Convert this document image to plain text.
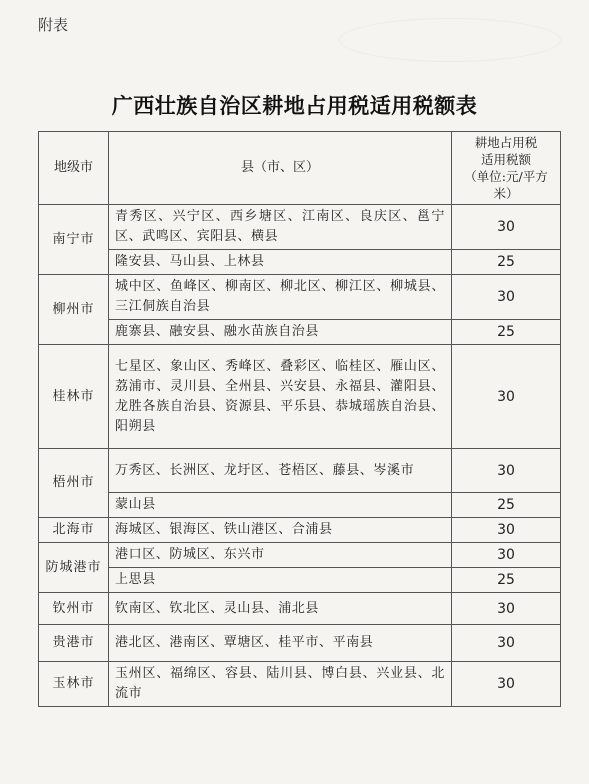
附表
广西壮族自治区耕地占用税适用税额表
地级市	县（市、区）	耕地占用税
适用税额
（单位:元/平方米）

南宁市	青秀区、兴宁区、西乡塘区、江南区、良庆区、邕宁区、武鸣区、宾阳县、横县	30
	隆安县、马山县、上林县	25
柳州市	城中区、鱼峰区、柳南区、柳北区、柳江区、柳城县、三江侗族自治县	30
	鹿寨县、融安县、融水苗族自治县	25
桂林市	七星区、象山区、秀峰区、叠彩区、临桂区、雁山区、荔浦市、灵川县、全州县、兴安县、永福县、灌阳县、龙胜各族自治县、资源县、平乐县、恭城瑶族自治县、阳朔县	30
梧州市	万秀区、长洲区、龙圩区、苍梧区、藤县、岑溪市	30
	蒙山县	25
北海市	海城区、银海区、铁山港区、合浦县	30
防城港市	港口区、防城区、东兴市	30
	上思县	25
钦州市	钦南区、钦北区、灵山县、浦北县	30
贵港市	港北区、港南区、覃塘区、桂平市、平南县	30
玉林市	玉州区、福绵区、容县、陆川县、博白县、兴业县、北流市	30
